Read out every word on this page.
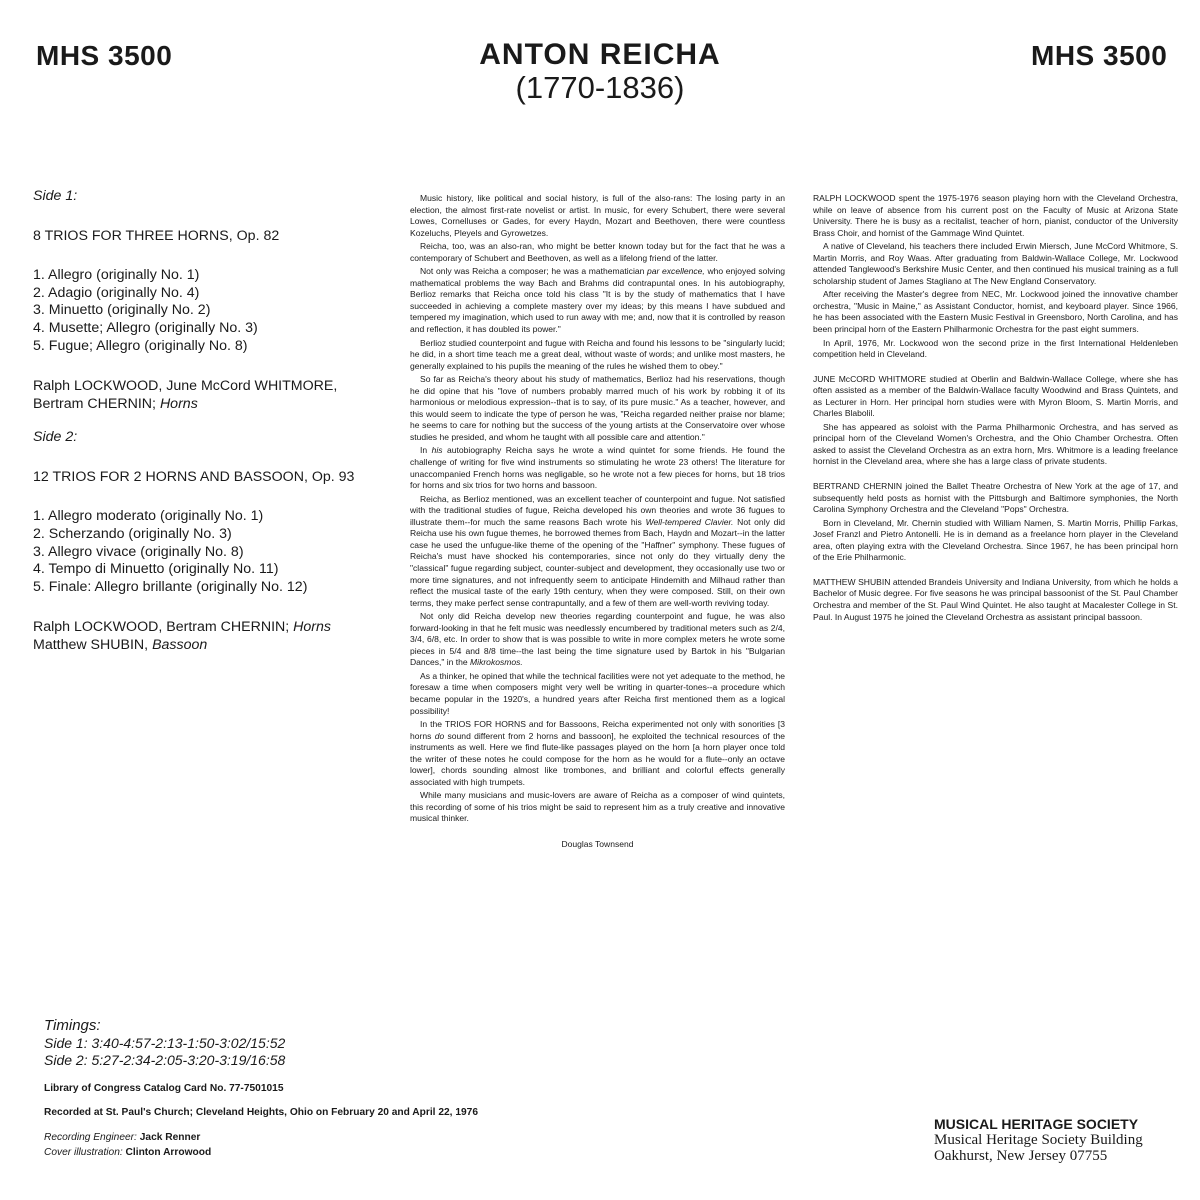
MHS 3500	ANTON REICHA
(1770-1836)
MHS 3500
Side 1:
8 TRIOS FOR THREE HORNS, Op. 82
1. Allegro (originally No. 1)
2. Adagio (originally No. 4)
3. Minuetto (originally No. 2)
4. Musette; Allegro (originally No. 3)
5. Fugue; Allegro (originally No. 8)
Ralph LOCKWOOD, June McCord WHITMORE,
Bertram CHERNIN; Horns
Side 2:
12 TRIOS FOR 2 HORNS AND BASSOON, Op. 93
1. Allegro moderato (originally No. 1)
2. Scherzando (originally No. 3)
3. Allegro vivace (originally No. 8)
4. Tempo di Minuetto (originally No. 11)
5. Finale: Allegro brillante (originally No. 12)
Ralph LOCKWOOD, Bertram CHERNIN; Horns
Matthew SHUBIN, Bassoon

Music history, like political and social history, is full of the also-rans: The losing party in an election, the almost first-rate novelist or artist. In music, for every Schubert, there were several Lowes, Cornelluses or Gades, for every Haydn, Mozart and Beethoven, there were countless Kozeluchs, Pleyels and Gyrowetzes.

Reicha, too, was an also-ran, who might be better known today but for the fact that he was a contemporary of Schubert and Beethoven, as well as a lifelong friend of the latter.

Not only was Reicha a composer; he was a mathematician par excellence, who enjoyed solving mathematical problems the way Bach and Brahms did contrapuntal ones. In his autobiography, Berlioz remarks that Reicha once told his class "It is by the study of mathematics that I have succeeded in achieving a complete mastery over my ideas; by this means I have subdued and tempered my imagination, which used to run away with me; and, now that it is controlled by reason and reflection, it has doubled its power."

Berlioz studied counterpoint and fugue with Reicha and found his lessons to be "singularly lucid; he did, in a short time teach me a great deal, without waste of words; and unlike most masters, he generally explained to his pupils the meaning of the rules he wished them to obey."

So far as Reicha's theory about his study of mathematics, Berlioz had his reservations, though he did opine that his "love of numbers probably marred much of his work by robbing it of its harmonious or melodious expression--that is to say, of its pure music." As a teacher, however, and this would seem to indicate the type of person he was, "Reicha regarded neither praise nor blame; he seems to care for nothing but the success of the young artists at the Conservatoire over whose studies he presided, and whom he taught with all possible care and attention."

In his autobiography Reicha says he wrote a wind quintet for some friends. He found the challenge of writing for five wind instruments so stimulating he wrote 23 others! The literature for unaccompanied French horns was negligable, so he wrote not a few pieces for horns, but 18 trios for horns and six trios for two horns and bassoon.

Reicha, as Berlioz mentioned, was an excellent teacher of counterpoint and fugue. Not satisfied with the traditional studies of fugue, Reicha developed his own theories and wrote 36 fugues to illustrate them--for much the same reasons Bach wrote his Well-tempered Clavier. Not only did Reicha use his own fugue themes, he borrowed themes from Bach, Haydn and Mozart--in the latter case he used the unfugue-like theme of the opening of the "Haffner" symphony. These fugues of Reicha's must have shocked his contemporaries, since not only do they virtually deny the "classical" fugue regarding subject, counter-subject and development, they occasionally use two or more time signatures, and not infrequently seem to anticipate Hindemith and Milhaud rather than reflect the musical taste of the early 19th century, when they were composed. Still, on their own terms, they make perfect sense contrapuntally, and a few of them are well-worth reviving today.

Not only did Reicha develop new theories regarding counterpoint and fugue, he was also forward-looking in that he felt music was needlessly encumbered by traditional meters such as 2/4, 3/4, 6/8, etc. In order to show that is was possible to write in more complex meters he wrote some pieces in 5/4 and 8/8 time--the last being the time signature used by Bartok in his "Bulgarian Dances," in the Mikrokosmos.

As a thinker, he opined that while the technical facilities were not yet adequate to the method, he foresaw a time when composers might very well be writing in quarter-tones--a procedure which became popular in the 1920's, a hundred years after Reicha first mentioned them as a logical possibility!

In the TRIOS FOR HORNS and for Bassoons, Reicha experimented not only with sonorities [3 horns do sound different from 2 horns and bassoon], he exploited the technical resources of the instruments as well. Here we find flute-like passages played on the horn [a horn player once told the writer of these notes he could compose for the horn as he would for a flute--only an octave lower], chords sounding almost like trombones, and brilliant and colorful effects generally associated with high trumpets.

While many musicians and music-lovers are aware of Reicha as a composer of wind quintets, this recording of some of his trios might be said to represent him as a truly creative and innovative musical thinker.

Douglas Townsend

RALPH LOCKWOOD spent the 1975-1976 season playing horn with the Cleveland Orchestra, while on leave of absence from his current post on the Faculty of Music at Arizona State University. There he is busy as a recitalist, teacher of horn, pianist, conductor of the University Brass Choir, and hornist of the Gammage Wind Quintet.

A native of Cleveland, his teachers there included Erwin Miersch, June McCord Whitmore, S. Martin Morris, and Roy Waas. After graduating from Baldwin-Wallace College, Mr. Lockwood attended Tanglewood's Berkshire Music Center, and then continued his musical training as a full scholarship student of James Stagliano at The New England Conservatory.

After receiving the Master's degree from NEC, Mr. Lockwood joined the innovative chamber orchestra, "Music in Maine," as Assistant Conductor, hornist, and keyboard player. Since 1966, he has been associated with the Eastern Music Festival in Greensboro, North Carolina, and has been principal horn of the Eastern Philharmonic Orchestra for the past eight summers.

In April, 1976, Mr. Lockwood won the second prize in the first International Heldenleben competition held in Cleveland.

JUNE McCORD WHITMORE studied at Oberlin and Baldwin-Wallace College, where she has often assisted as a member of the Baldwin-Wallace faculty Woodwind and Brass Quintets, and as Lecturer in Horn. Her principal horn studies were with Myron Bloom, S. Martin Morris, and Charles Blabolil.

She has appeared as soloist with the Parma Philharmonic Orchestra, and has served as principal horn of the Cleveland Women's Orchestra, and the Ohio Chamber Orchestra. Often asked to assist the Cleveland Orchestra as an extra horn, Mrs. Whitmore is a leading freelance hornist in the Cleveland area, where she has a large class of private students.

BERTRAND CHERNIN joined the Ballet Theatre Orchestra of New York at the age of 17, and subsequently held posts as hornist with the Pittsburgh and Baltimore symphonies, the North Carolina Symphony Orchestra and the Cleveland "Pops" Orchestra.

Born in Cleveland, Mr. Chernin studied with William Namen, S. Martin Morris, Phillip Farkas, Josef Franzl and Pietro Antonelli. He is in demand as a freelance horn player in the Cleveland area, often playing extra with the Cleveland Orchestra. Since 1967, he has been principal horn of the Erie Philharmonic.

MATTHEW SHUBIN attended Brandeis University and Indiana University, from which he holds a Bachelor of Music degree. For five seasons he was principal bassoonist of the St. Paul Chamber Orchestra and member of the St. Paul Wind Quintet. He also taught at Macalester College in St. Paul. In August 1975 he joined the Cleveland Orchestra as assistant principal bassoon.

Timings:
Side 1: 3:40-4:57-2:13-1:50-3:02/15:52
Side 2: 5:27-2:34-2:05-3:20-3:19/16:58
Library of Congress Catalog Card No. 77-7501015
Recorded at St. Paul's Church; Cleveland Heights, Ohio on February 20 and April 22, 1976
Recording Engineer: Jack Renner
Cover illustration: Clinton Arrowood
MUSICAL HERITAGE SOCIETY
Musical Heritage Society Building
Oakhurst, New Jersey 07755
